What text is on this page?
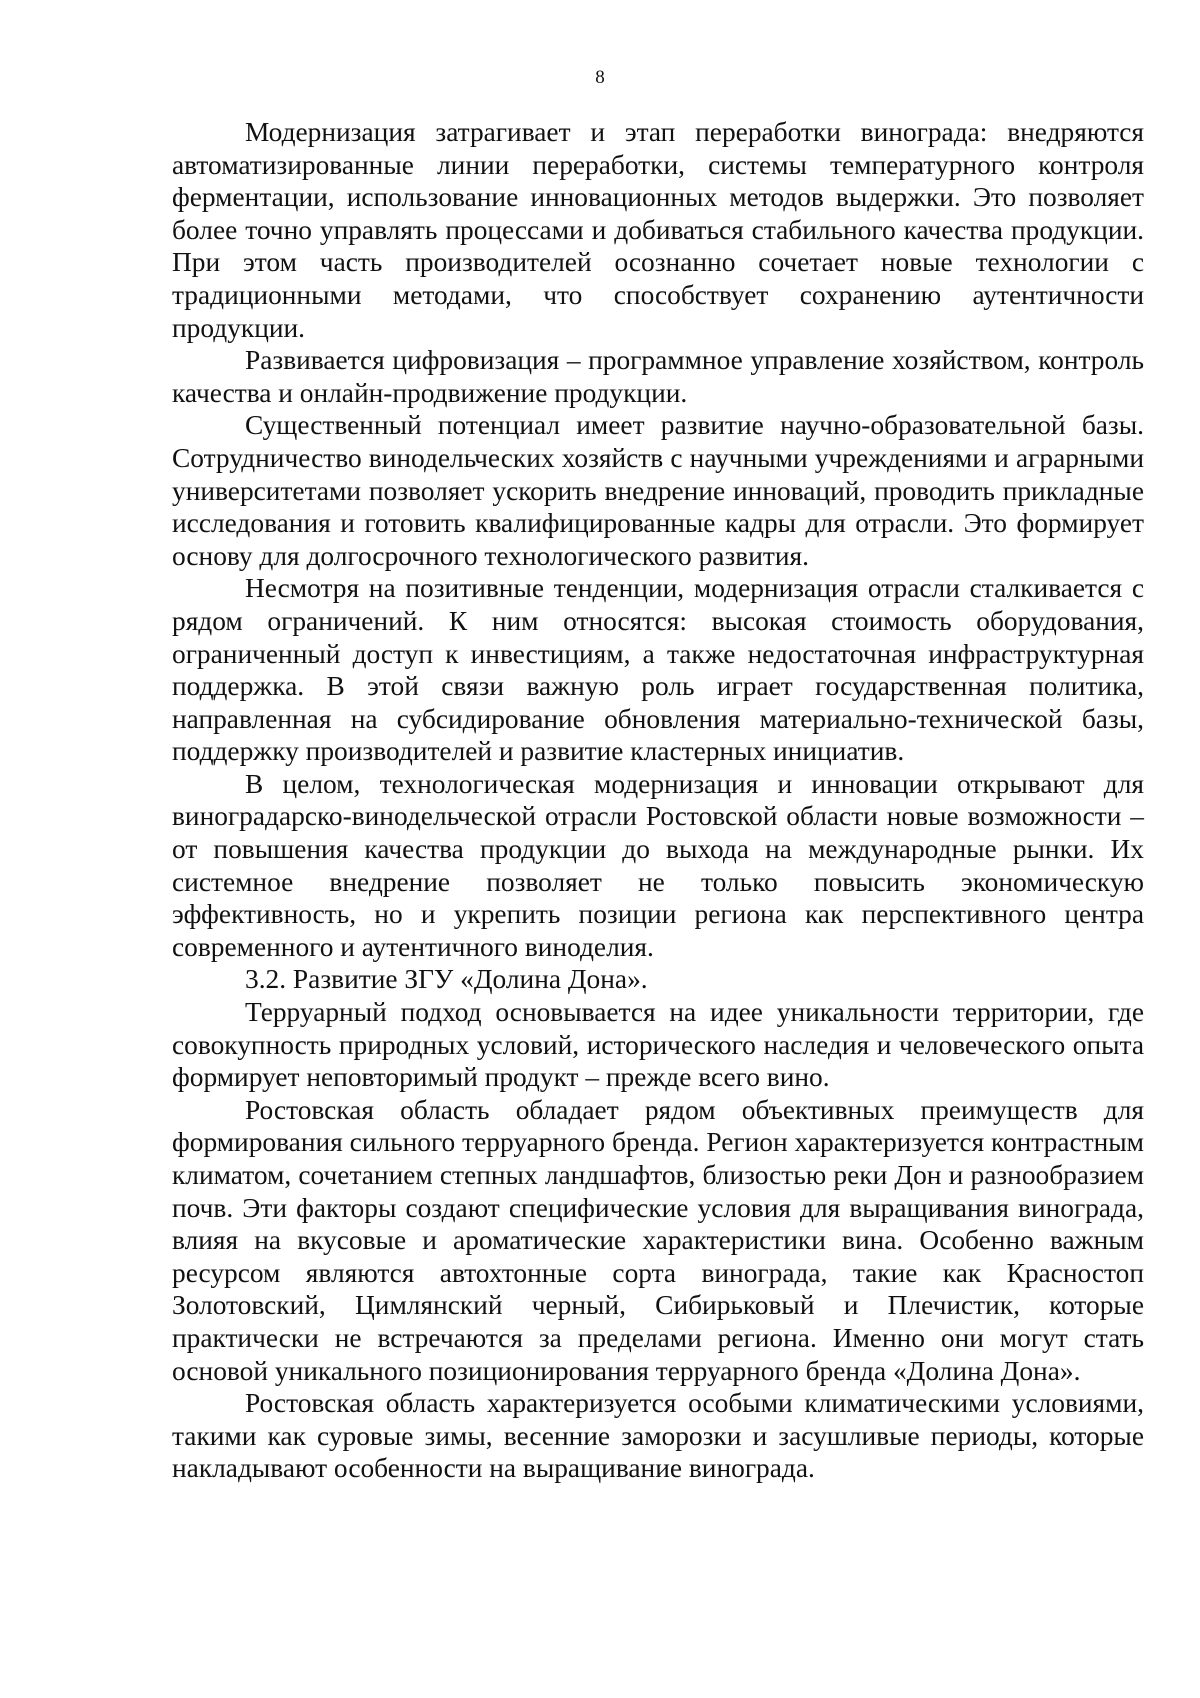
8

Модернизация затрагивает и этап переработки винограда: внедряются автоматизированные линии переработки, системы температурного контроля ферментации, использование инновационных методов выдержки. Это позволяет более точно управлять процессами и добиваться стабильного качества продукции. При этом часть производителей осознанно сочетает новые технологии с традиционными методами, что способствует сохранению аутентичности продукции.

Развивается цифровизация – программное управление хозяйством, контроль качества и онлайн-продвижение продукции.

Существенный потенциал имеет развитие научно-образовательной базы. Сотрудничество винодельческих хозяйств с научными учреждениями и аграрными университетами позволяет ускорить внедрение инноваций, проводить прикладные исследования и готовить квалифицированные кадры для отрасли. Это формирует основу для долгосрочного технологического развития.

Несмотря на позитивные тенденции, модернизация отрасли сталкивается с рядом ограничений. К ним относятся: высокая стоимость оборудования, ограниченный доступ к инвестициям, а также недостаточная инфраструктурная поддержка. В этой связи важную роль играет государственная политика, направленная на субсидирование обновления материально-технической базы, поддержку производителей и развитие кластерных инициатив.

В целом, технологическая модернизация и инновации открывают для виноградарско-винодельческой отрасли Ростовской области новые возможности – от повышения качества продукции до выхода на международные рынки. Их системное внедрение позволяет не только повысить экономическую эффективность, но и укрепить позиции региона как перспективного центра современного и аутентичного виноделия.

3.2. Развитие ЗГУ «Долина Дона».

Терруарный подход основывается на идее уникальности территории, где совокупность природных условий, исторического наследия и человеческого опыта формирует неповторимый продукт – прежде всего вино.

Ростовская область обладает рядом объективных преимуществ для формирования сильного терруарного бренда. Регион характеризуется контрастным климатом, сочетанием степных ландшафтов, близостью реки Дон и разнообразием почв. Эти факторы создают специфические условия для выращивания винограда, влияя на вкусовые и ароматические характеристики вина. Особенно важным ресурсом являются автохтонные сорта винограда, такие как Красностоп Золотовский, Цимлянский черный, Сибирьковый и Плечистик, которые практически не встречаются за пределами региона. Именно они могут стать основой уникального позиционирования терруарного бренда «Долина Дона».

Ростовская область характеризуется особыми климатическими условиями, такими как суровые зимы, весенние заморозки и засушливые периоды, которые накладывают особенности на выращивание винограда.
